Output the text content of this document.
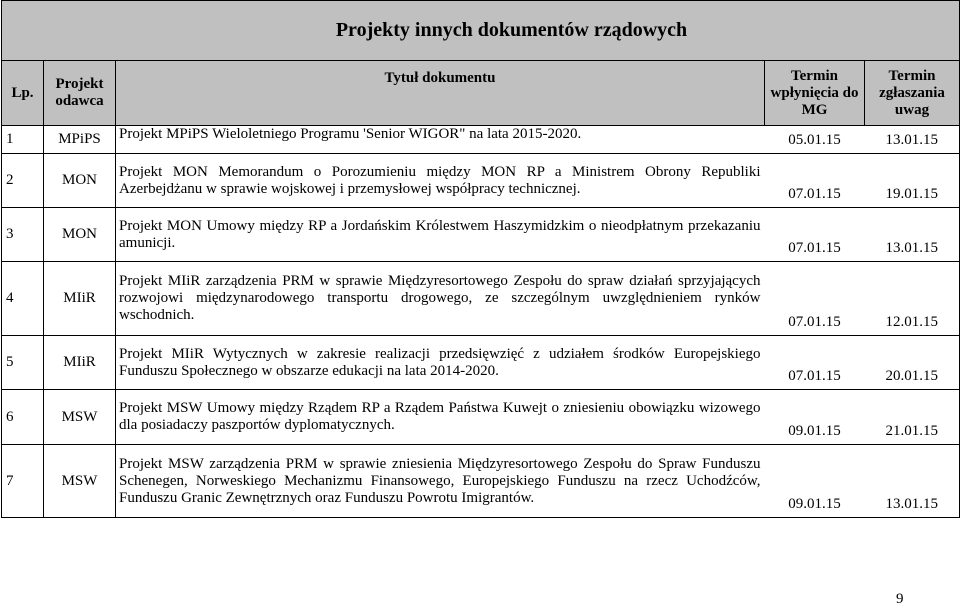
Projekty innych dokumentów rządowych				
Lp.	Projekt odawca	Tytuł dokumentu	Termin wpłynięcia do MG	Termin zgłaszania uwag
1	MPiPS	Projekt MPiPS Wieloletniego Programu 'Senior WIGOR" na lata 2015-2020.	05.01.15	13.01.15
2	MON	Projekt MON Memorandum o Porozumieniu między MON RP a Ministrem Obrony Republiki Azerbejdżanu w sprawie wojskowej i przemysłowej współpracy technicznej.	07.01.15	19.01.15
3	MON	Projekt MON Umowy między RP a Jordańskim Królestwem Haszymidzkim o nieodpłatnym przekazaniu amunicji.	07.01.15	13.01.15
4	MIiR	Projekt MIiR zarządzenia PRM w sprawie Międzyresortowego Zespołu do spraw działań sprzyjających rozwojowi międzynarodowego transportu drogowego, ze szczególnym uwzględnieniem rynków wschodnich.	07.01.15	12.01.15
5	MIiR	Projekt MIiR Wytycznych w zakresie realizacji przedsięwzięć z udziałem środków Europejskiego Funduszu Społecznego w obszarze edukacji na lata 2014-2020.	07.01.15	20.01.15
6	MSW	Projekt MSW Umowy między Rządem RP a Rządem Państwa Kuwejt o zniesieniu obowiązku wizowego dla posiadaczy paszportów dyplomatycznych.	09.01.15	21.01.15
7	MSW	Projekt MSW zarządzenia PRM w sprawie zniesienia Międzyresortowego Zespołu do Spraw Funduszu Schenegen, Norweskiego Mechanizmu Finansowego, Europejskiego Funduszu na rzecz Uchodźców, Funduszu Granic Zewnętrznych oraz Funduszu Powrotu Imigrantów.	09.01.15	13.01.15
9
